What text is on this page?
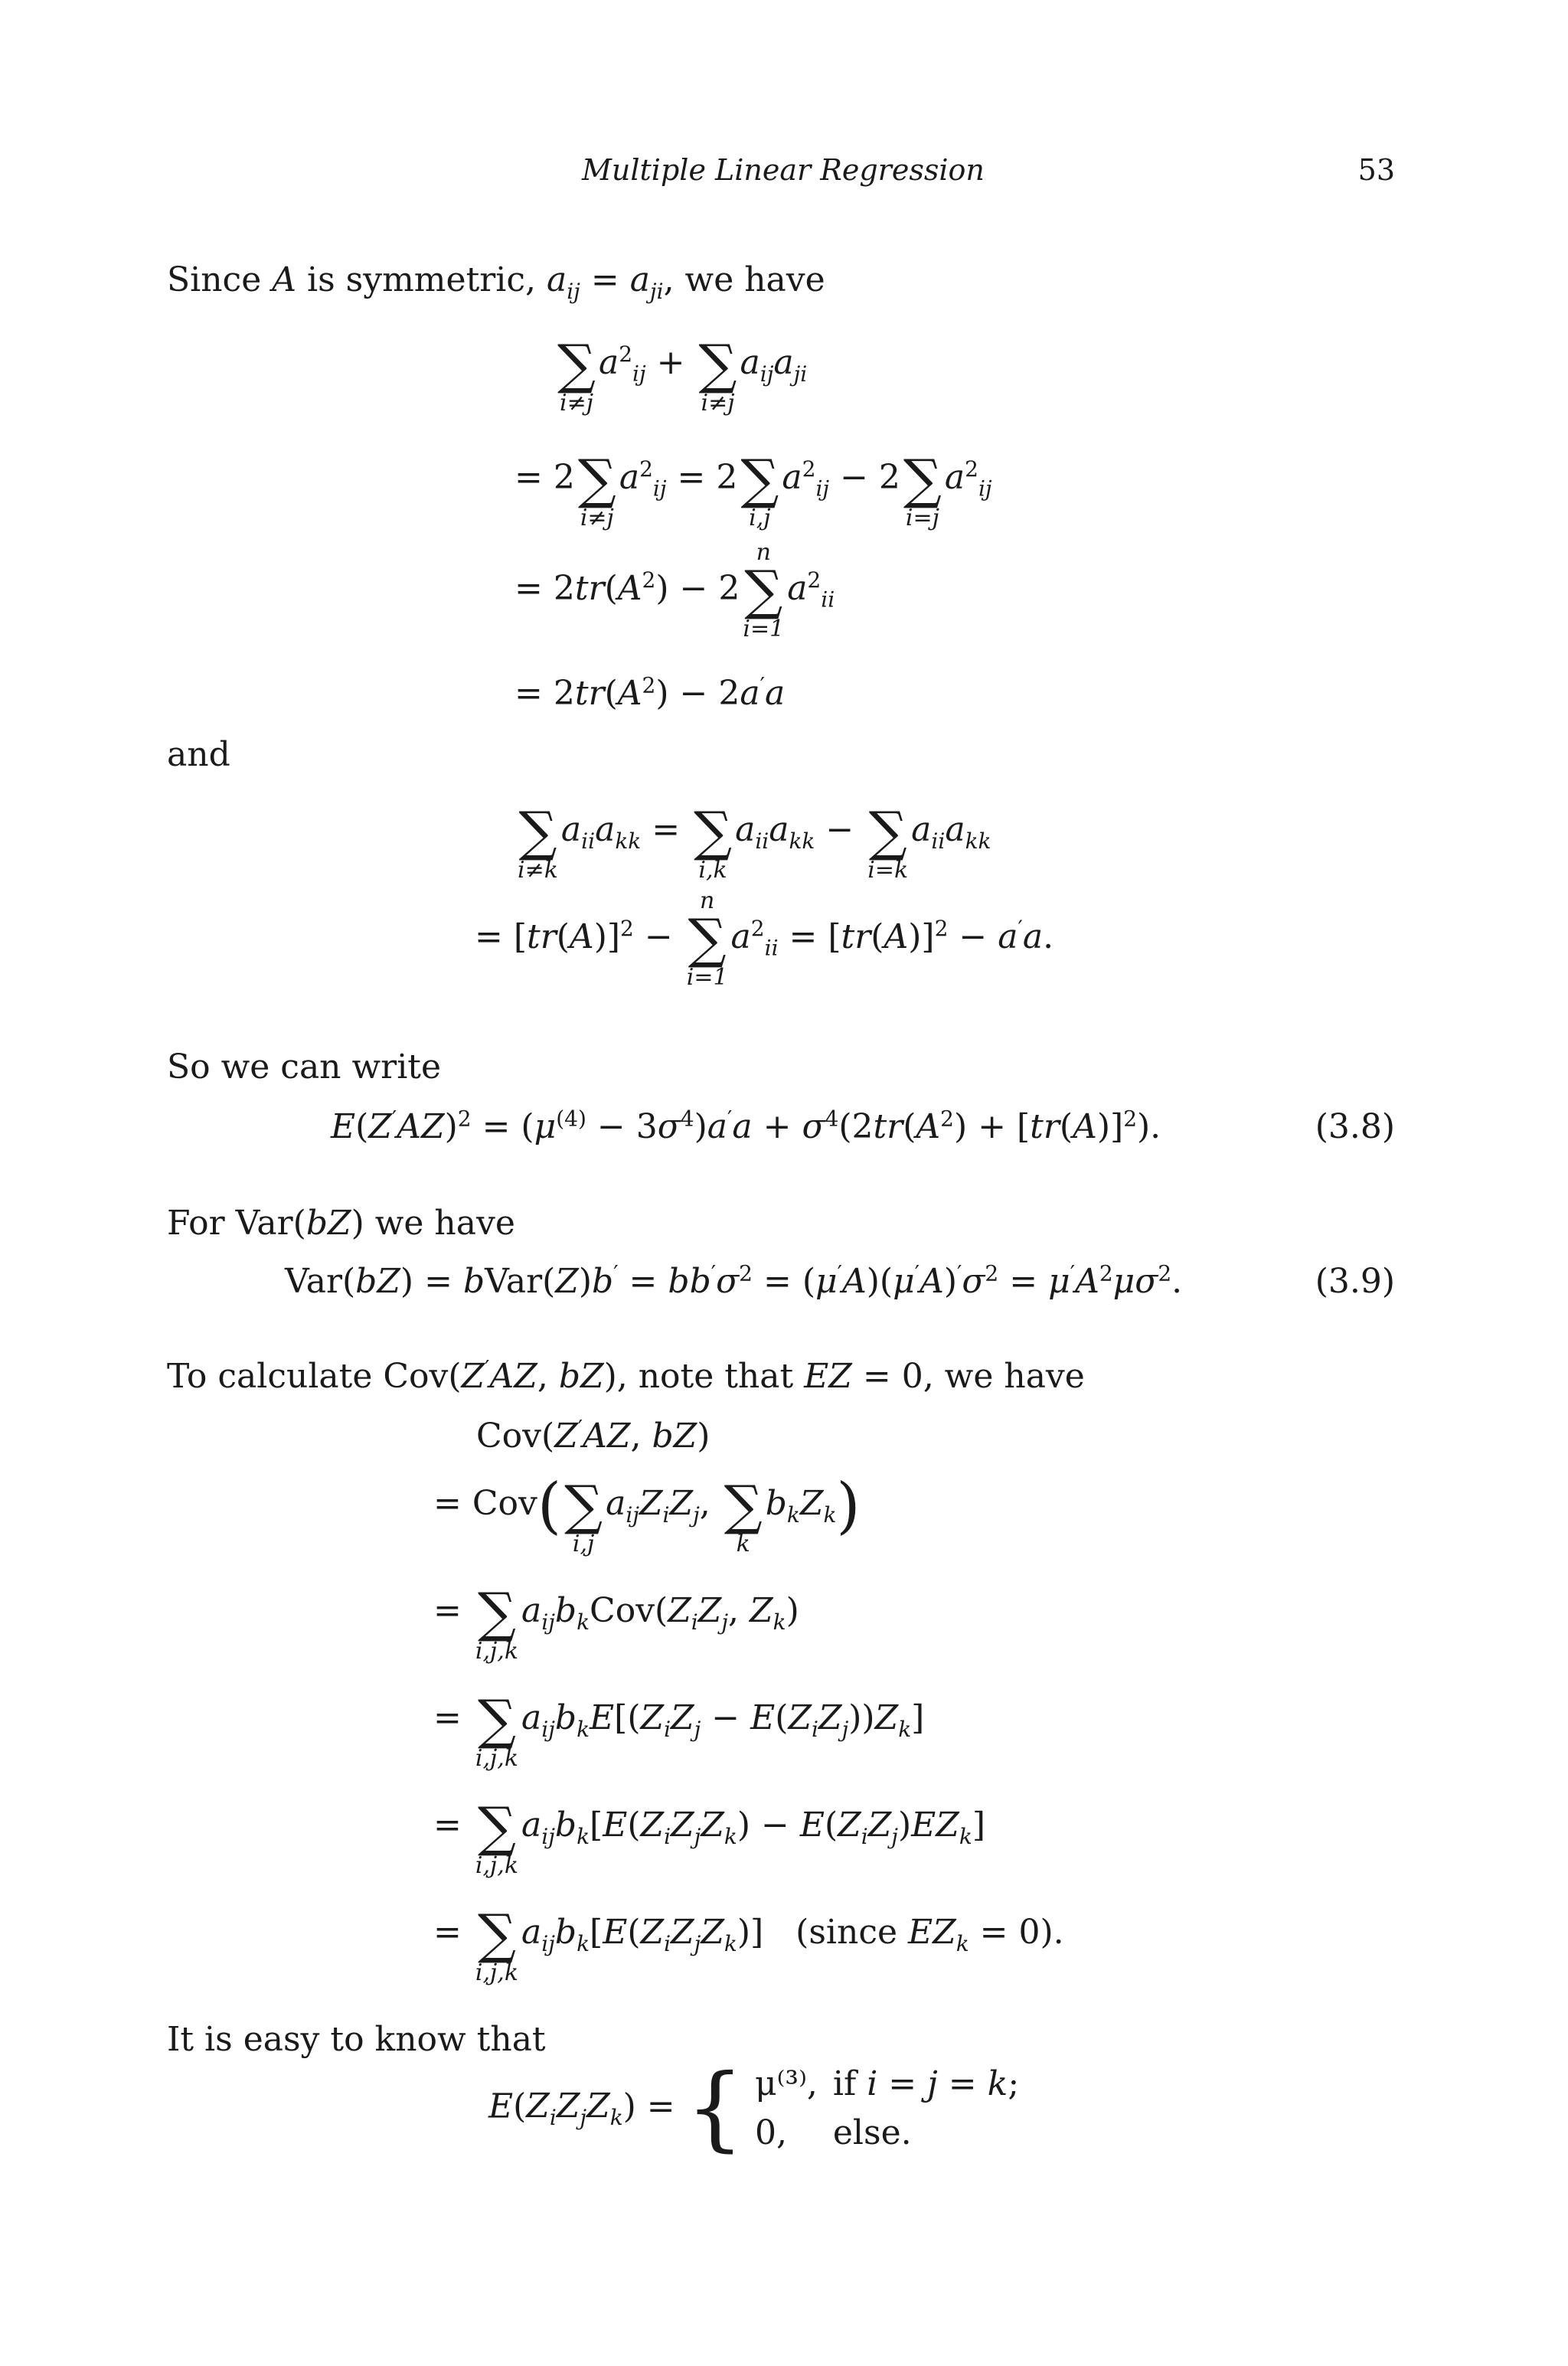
Multiple Linear Regression	53
Since A is symmetric, $a_{ij} = a_{ji}$, we have
∑
i≠j
$a^2_{ij}$ + ∑
i≠j
$a_{ij}a_{ji}$
= 2 ∑
i≠j
$a^2_{ij} = 2$ ∑
i,j
$a^2_{ij} - 2$ ∑
i=j
$a^2_{ij}$
= $2tr(A^2) - 2$
n
∑
i=1
$a^2_{ii}$
= $2tr(A^2) - 2a'a$
and
∑
i≠k
$a_{ii}a_{kk}$ = ∑
i,k
$a_{ii}a_{kk}$ − ∑
i=k
$a_{ii}a_{kk}$
= $[tr(A)]^2$ −
n
∑
i=1
$a^2_{ii} = [tr(A)]^2 - a'a$.
So we can write
$E(Z'AZ)^2 = (\mu^{(4)} - 3\sigma^4)a'a + \sigma^4(2tr(A^2) + [tr(A)]^2)$.	(3.8)
For Var(bZ) we have
Var(bZ) = bVar(Z)b′ = $bb'\sigma^2 = (\mu'A)(\mu'A)'\sigma^2 = \mu'A^2\mu\sigma^2$.	(3.9)
To calculate Cov(Z′AZ, bZ), note that EZ = 0, we have
Cov(Z′AZ, bZ)
= Cov( ∑
i,j
$a_{ij}Z_iZ_j$, ∑
k
$b_kZ_k$)
= ∑
i,j,k
$a_{ij}b_kCov(Z_iZ_j$, $Z_k$)
= ∑
i,j,k
$a_{ij}b_kE[(Z_iZ_j - E(Z_iZ_j))Z_k]$
= ∑
i,j,k
$a_{ij}b_k[E(Z_iZ_jZ_k) - E(Z_iZ_j)EZ_k]$
= ∑
i,j,k
$a_{ij}b_k[E(Z_iZ_jZ_k)]$   (since $EZ_k = 0$).
It is easy to know that
$E(Z_iZ_jZ_k)$ = { μ⁽³⁾,	if i = j = k;
0,	else.
